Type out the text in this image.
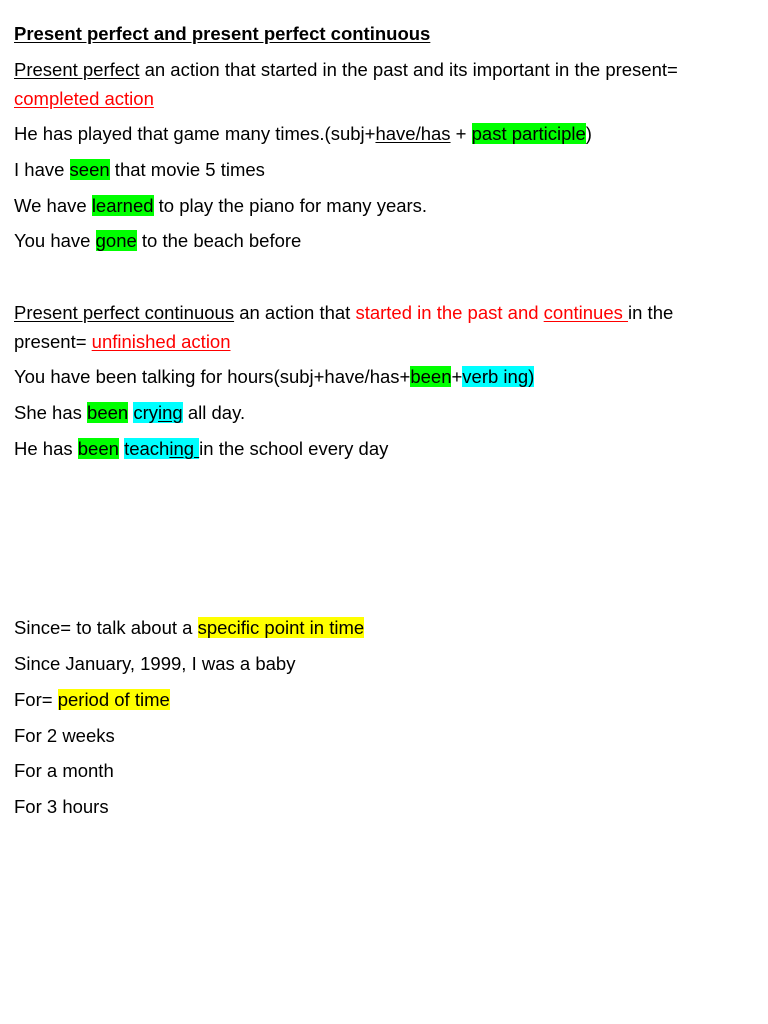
Present perfect and present perfect continuous
Present perfect an action that started in the past and its important in the present=
completed action
He has played that game many times.(subj+have/has + past participle)
I have seen that movie 5 times
We have learned to play the piano for many years.
You have gone to the beach before
Present perfect continuous an action that started in the past and continues in the
present= unfinished action
You have been talking for hours(subj+have/has+been+verb ing)
She has been crying all day.
He has been teaching in the school every day
Since= to talk about a specific point in time
Since January, 1999, I was a baby
For= period of time
For 2 weeks
For a month
For 3 hours
